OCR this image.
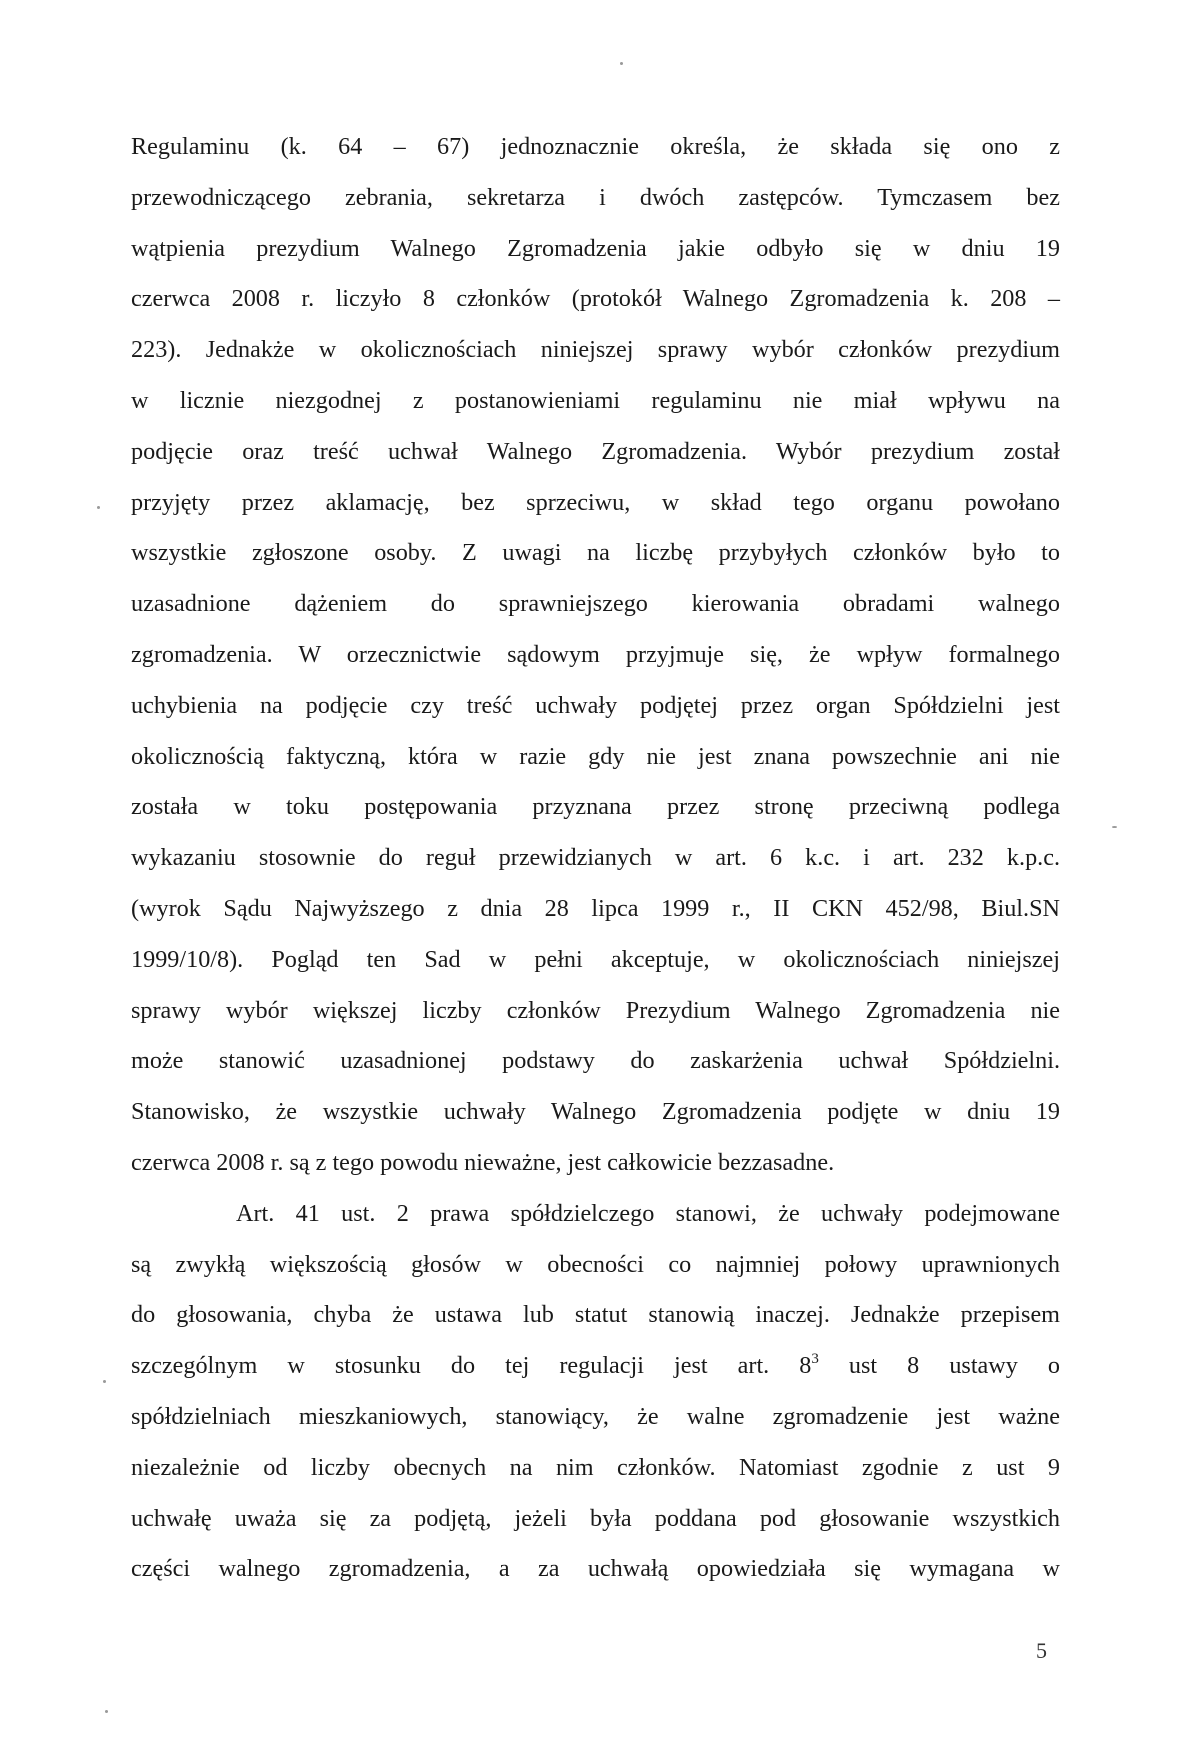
Regulaminu (k. 64 – 67) jednoznacznie określa, że składa się ono z
przewodniczącego zebrania, sekretarza i dwóch zastępców. Tymczasem bez
wątpienia prezydium Walnego Zgromadzenia jakie odbyło się w dniu 19
czerwca 2008 r. liczyło 8 członków (protokół Walnego Zgromadzenia k. 208 –
223). Jednakże w okolicznościach niniejszej sprawy wybór członków prezydium
w licznie niezgodnej z postanowieniami regulaminu nie miał wpływu na
podjęcie oraz treść uchwał Walnego Zgromadzenia. Wybór prezydium został
przyjęty przez aklamację, bez sprzeciwu, w skład tego organu powołano
wszystkie zgłoszone osoby. Z uwagi na liczbę przybyłych członków było to
uzasadnione dążeniem do sprawniejszego kierowania obradami walnego
zgromadzenia. W orzecznictwie sądowym przyjmuje się, że wpływ formalnego
uchybienia na podjęcie czy treść uchwały podjętej przez organ Spółdzielni jest
okolicznością faktyczną, która w razie gdy nie jest znana powszechnie ani nie
została w toku postępowania przyznana przez stronę przeciwną podlega
wykazaniu stosownie do reguł przewidzianych w art. 6 k.c. i art. 232 k.p.c.
(wyrok Sądu Najwyższego z dnia 28 lipca 1999 r., II CKN 452/98, Biul.SN
1999/10/8). Pogląd ten Sad w pełni akceptuje, w okolicznościach niniejszej
sprawy wybór większej liczby członków Prezydium Walnego Zgromadzenia nie
może stanowić uzasadnionej podstawy do zaskarżenia uchwał Spółdzielni.
Stanowisko, że wszystkie uchwały Walnego Zgromadzenia podjęte w dniu 19
czerwca 2008 r. są z tego powodu nieważne, jest całkowicie bezzasadne.
Art. 41 ust. 2 prawa spółdzielczego stanowi, że uchwały podejmowane
są zwykłą większością głosów w obecności co najmniej połowy uprawnionych
do głosowania, chyba że ustawa lub statut stanowią inaczej. Jednakże przepisem
szczególnym w stosunku do tej regulacji jest art. $8^3$ ust 8 ustawy o
spółdzielniach mieszkaniowych, stanowiący, że walne zgromadzenie jest ważne
niezależnie od liczby obecnych na nim członków. Natomiast zgodnie z ust 9
uchwałę uważa się za podjętą, jeżeli była poddana pod głosowanie wszystkich
części walnego zgromadzenia, a za uchwałą opowiedziała się wymagana w
5
